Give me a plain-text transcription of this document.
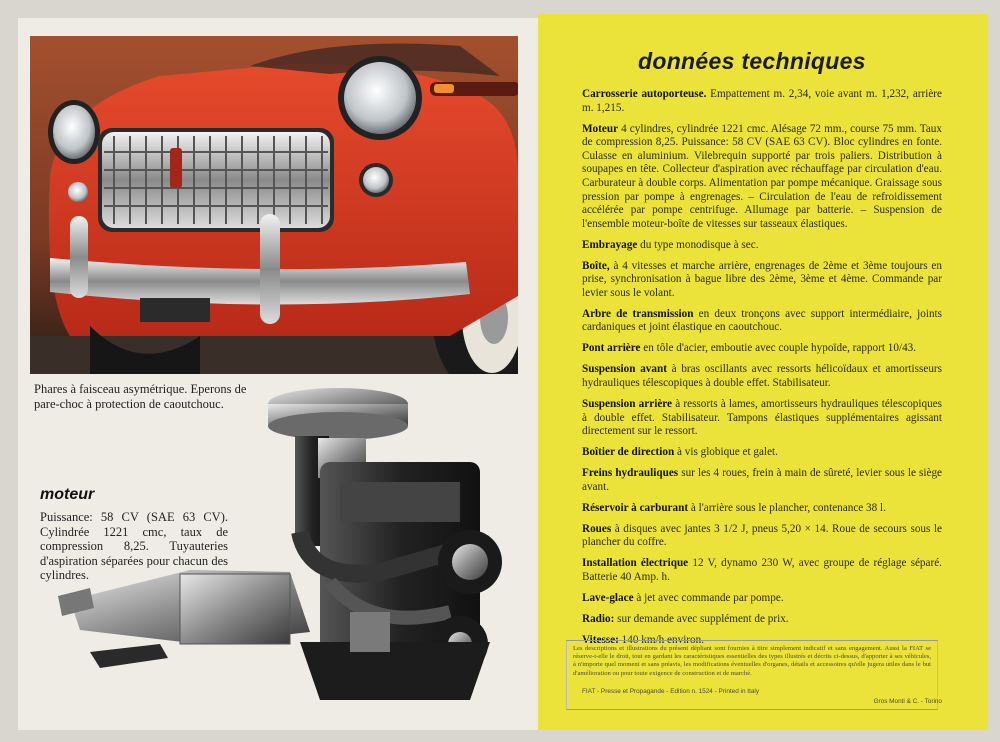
Phares à faisceau asymétrique. Eperons de pare-choc à protection de caoutchouc.
moteur
Puissance: 58 CV (SAE 63 CV). Cylindrée 1221 cmc, taux de compression 8,25. Tuyauteries d'aspiration séparées pour chacun des cylindres.
données techniques

Carrosserie autoporteuse. Empattement m. 2,34, voie avant m. 1,232, arrière m. 1,215.

Moteur 4 cylindres, cylindrée 1221 cmc. Alésage 72 mm., course 75 mm. Taux de compression 8,25. Puissance: 58 CV (SAE 63 CV). Bloc cylindres en fonte. Culasse en aluminium. Vilebrequin supporté par trois paliers. Distribution à soupapes en tête. Collecteur d'aspiration avec réchauffage par circulation d'eau. Carburateur à double corps. Alimentation par pompe mécanique. Graissage sous pression par pompe à engrenages. – Circulation de l'eau de refroidissement accélérée par pompe centrifuge. Allumage par batterie. – Suspension de l'ensemble moteur-boîte de vitesses sur tasseaux élastiques.

Embrayage du type monodisque à sec.

Boîte, à 4 vitesses et marche arrière, engrenages de 2ème et 3ème toujours en prise, synchronisation à bague libre des 2ème, 3ème et 4ème. Commande par levier sous le volant.

Arbre de transmission en deux tronçons avec support intermédiaire, joints cardaniques et joint élastique en caoutchouc.

Pont arrière en tôle d'acier, emboutie avec couple hypoïde, rapport 10/43.

Suspension avant à bras oscillants avec ressorts hélicoïdaux et amortisseurs hydrauliques télescopiques à double effet. Stabilisateur.

Suspension arrière à ressorts à lames, amortisseurs hydrauliques télescopiques à double effet. Stabilisateur. Tampons élastiques supplémentaires agissant directement sur le ressort.

Boîtier de direction à vis globique et galet.

Freins hydrauliques sur les 4 roues, frein à main de sûreté, levier sous le siège avant.

Réservoir à carburant à l'arrière sous le plancher, contenance 38 l.

Roues à disques avec jantes 3 1/2 J, pneus 5,20 × 14. Roue de secours sous le plancher du coffre.

Installation électrique 12 V, dynamo 230 W, avec groupe de réglage séparé. Batterie 40 Amp. h.

Lave-glace à jet avec commande par pompe.

Radio: sur demande avec supplément de prix.

Vitesse: 140 km/h environ.

Les descriptions et illustrations du présent dépliant sont fournies à titre simplement indicatif et sans engagement. Aussi la FIAT se réserve-t-elle le droit, tout en gardant les caractéristiques essentielles des types illustrés et décrits ci-dessus, d'apporter à ses véhicules, à n'importe quel moment et sans préavis, les modifications éventuelles d'organes, détails et accessoires qu'elle jugera utiles dans le but d'amélioration ou pour toute exigence de construction et de marché.
FIAT - Presse et Propagande - Edition n. 1524 - Printed in Italy
Gros Monti & C. - Torino
